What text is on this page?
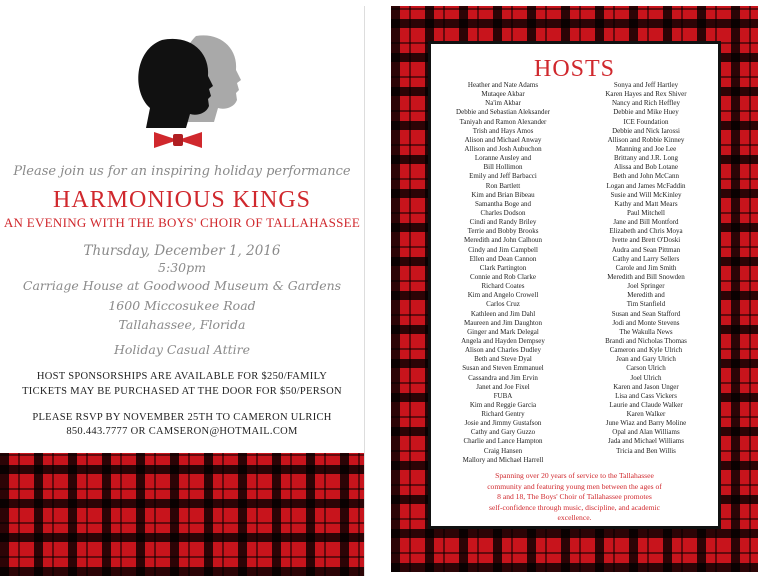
Please join us for an inspiring holiday performance
HARMONIOUS KINGS
AN EVENING WITH THE BOYS' CHOIR OF TALLAHASSEE
Thursday, December 1, 2016
5:30pm
Carriage House at Goodwood Museum & Gardens
1600 Miccosukee Road
Tallahassee, Florida
Holiday Casual Attire
HOST SPONSORSHIPS ARE AVAILABLE FOR $250/FAMILY
TICKETS MAY BE PURCHASED AT THE DOOR FOR $50/PERSON
PLEASE RSVP BY NOVEMBER 25TH TO CAMERON ULRICH
850.443.7777 OR CAMSERON@HOTMAIL.COM
HOSTS
Heather and Nate Adams
Mutaqee Akbar
Na'im Akbar
Debbie and Sebastian Aleksander
Taniyah and Ramon Alexander
Trish and Hays Amos
Alison and Michael Anway
Allison and Josh Aubuchon
Loranne Ausley and
Bill Hollimon
Emily and Jeff Barbacci
Ron Bartlett
Kim and Brian Bibeau
Samantha Boge and
Charles Dodson
Cindi and Randy Briley
Terrie and Bobby Brooks
Meredith and John Calhoun
Cindy and Jim Campbell
Ellen and Dean Cannon
Clark Partington
Connie and Rob Clarke
Richard Coates
Kim and Angelo Crowell
Carlos Cruz
Kathleen and Jim Dahl
Maureen and Jim Daughton
Ginger and Mark Delegal
Angela and Hayden Dempsey
Alison and Charles Dudley
Beth and Steve Dyal
Susan and Steven Emmanuel
Cassandra and Jim Ervin
Janet and Joe Fixel
FUBA
Kim and Reggie Garcia
Richard Gentry
Josie and Jimmy Gustafson
Cathy and Gary Guzzo
Charlie and Lance Hampton
Craig Hansen
Mallory and Michael Harrell
Sonya and Jeff Hartley
Karen Hayes and Rex Shiver
Nancy and Rich Heffley
Debbie and Mike Huey
ICE Foundation
Debbie and Nick Iarossi
Allison and Robbie Kinney
Manning and Joe Lee
Brittany and J.R. Long
Alissa and Bob Lotane
Beth and John McCann
Logan and James McFaddin
Susie and Will McKinley
Kathy and Matt Mears
Paul Mitchell
Jane and Bill Montford
Elizabeth and Chris Moya
Ivette and Brett O'Doski
Audra and Sean Pittman
Cathy and Larry Sellers
Carole and Jim Smith
Meredith and Bill Snowden
Joel Springer
Meredith and
Tim Stanfield
Susan and Sean Stafford
Jodi and Monte Stevens
The Wakulla News
Brandi and Nicholas Thomas
Cameron and Kyle Ulrich
Jean and Gary Ulrich
Carson Ulrich
Joel Ulrich
Karen and Jason Unger
Lisa and Cass Vickers
Laurie and Claude Walker
Karen Walker
June Wiaz and Barry Moline
Opal and Alan Williams
Jada and Michael Williams
Tricia and Ben Willis
Spanning over 20 years of service to the Tallahassee
community and featuring young men between the ages of
8 and 18, The Boys' Choir of Tallahassee promotes
self-confidence through music, discipline, and academic
excellence.
